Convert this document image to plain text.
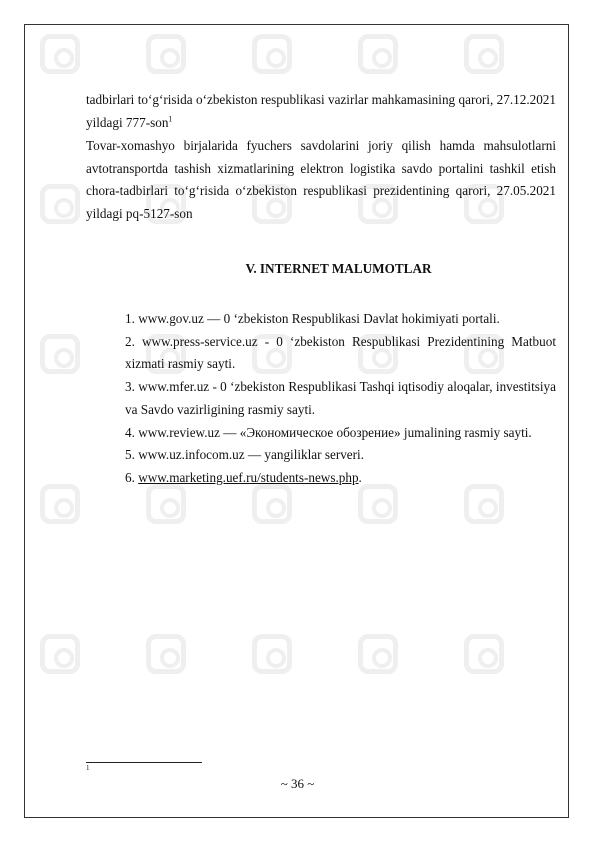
tadbirlari to‘g‘risida o‘zbekiston respublikasi vazirlar mahkamasining qarori, 27.12.2021 yildagi 777-son$^1$
Tovar-xomashyo birjalarida fyuchers savdolarini joriy qilish hamda mahsulotlarni avtotransportda tashish xizmatlarining elektron logistika savdo portalini tashkil etish chora-tadbirlari to‘g‘risida o‘zbekiston respublikasi prezidentining qarori, 27.05.2021 yildagi pq-5127-son
V. INTERNET MALUMOTLAR

1. www.gov.uz — 0 ‘zbekiston Respublikasi Davlat hokimiyati portali.

2. www.press-service.uz - 0 ‘zbekiston Respublikasi Prezidentining Matbuot xizmati rasmiy sayti.

3. www.mfer.uz - 0 ‘zbekiston Respublikasi Tashqi iqtisodiy aloqalar, investitsiya va Savdo vazirligining rasmiy sayti.

4. www.review.uz — «Экономическое обозрение» jumalining rasmiy sayti.

5. www.uz.infocom.uz — yangiliklar serveri.

6. www.marketing.uef.ru/students-news.php.

1
~ 36 ~
